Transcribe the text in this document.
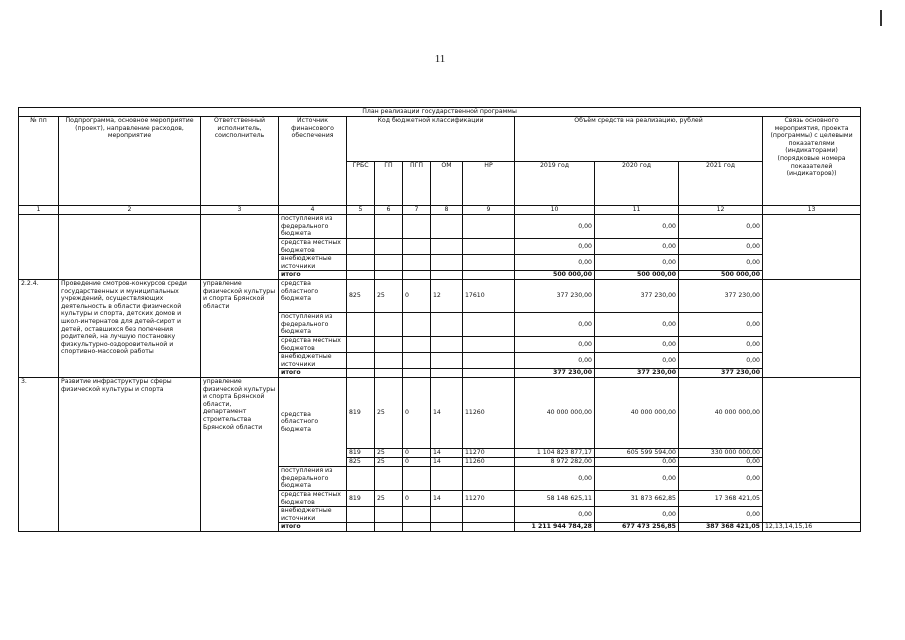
11
План реализации государственной программы												
№ пп	Подпрограмма, основное мероприятие (проект), направление расходов, мероприятие	Ответственный исполнитель, соисполнитель	Источник финансового обеспечения	Код бюджетной классификации					Объём средств на реализацию, рублей			Связь основного мероприятия, проекта (программы) с целевыми показателями (индикаторами) (порядковые номера показателей (индикаторов))
				ГРБС	ГП	ПГП	ОМ	НР	2019 год	2020 год	2021 год	
1	2	3	4	5	6	7	8	9	10	11	12	13
			поступления из федерального бюджета						0,00	0,00	0,00	
			средства местных бюджетов						0,00	0,00	0,00	
			внебюджетные источники						0,00	0,00	0,00	
			итого						500 000,00	500 000,00	500 000,00	
2.2.4.	Проведение смотров-конкурсов среди государственных и муниципальных учреждений, осуществляющих деятельность в области физической культуры и спорта, детских домов и школ-интернатов для детей-сирот и детей, оставшихся без попечения родителей, на лучшую постановку физкультурно-оздоровительной и спортивно-массовой работы	управление физической культуры и спорта Брянской области	средства областного бюджета	825	25	0	12	17610	377 230,00	377 230,00	377 230,00	
			поступления из федерального бюджета						0,00	0,00	0,00	
			средства местных бюджетов						0,00	0,00	0,00	
			внебюджетные источники						0,00	0,00	0,00	
			итого						377 230,00	377 230,00	377 230,00	
3.	Развитие инфраструктуры сферы физической культуры и спорта	управление физической культуры и спорта Брянской области, департамент строительства Брянской области	средства областного бюджета	819	25	0	14	11260	40 000 000,00	40 000 000,00	40 000 000,00	
				819	25	0	14	11270	1 104 823 877,17	605 599 594,00	330 000 000,00	
				825	25	0	14	11260	8 972 282,00	0,00	0,00	
			поступления из федерального бюджета						0,00	0,00	0,00	
			средства местных бюджетов	819	25	0	14	11270	58 148 625,11	31 873 662,85	17 368 421,05	
			внебюджетные источники						0,00	0,00	0,00	
			итого						1 211 944 784,28	677 473 256,85	387 368 421,05	12,13,14,15,16
